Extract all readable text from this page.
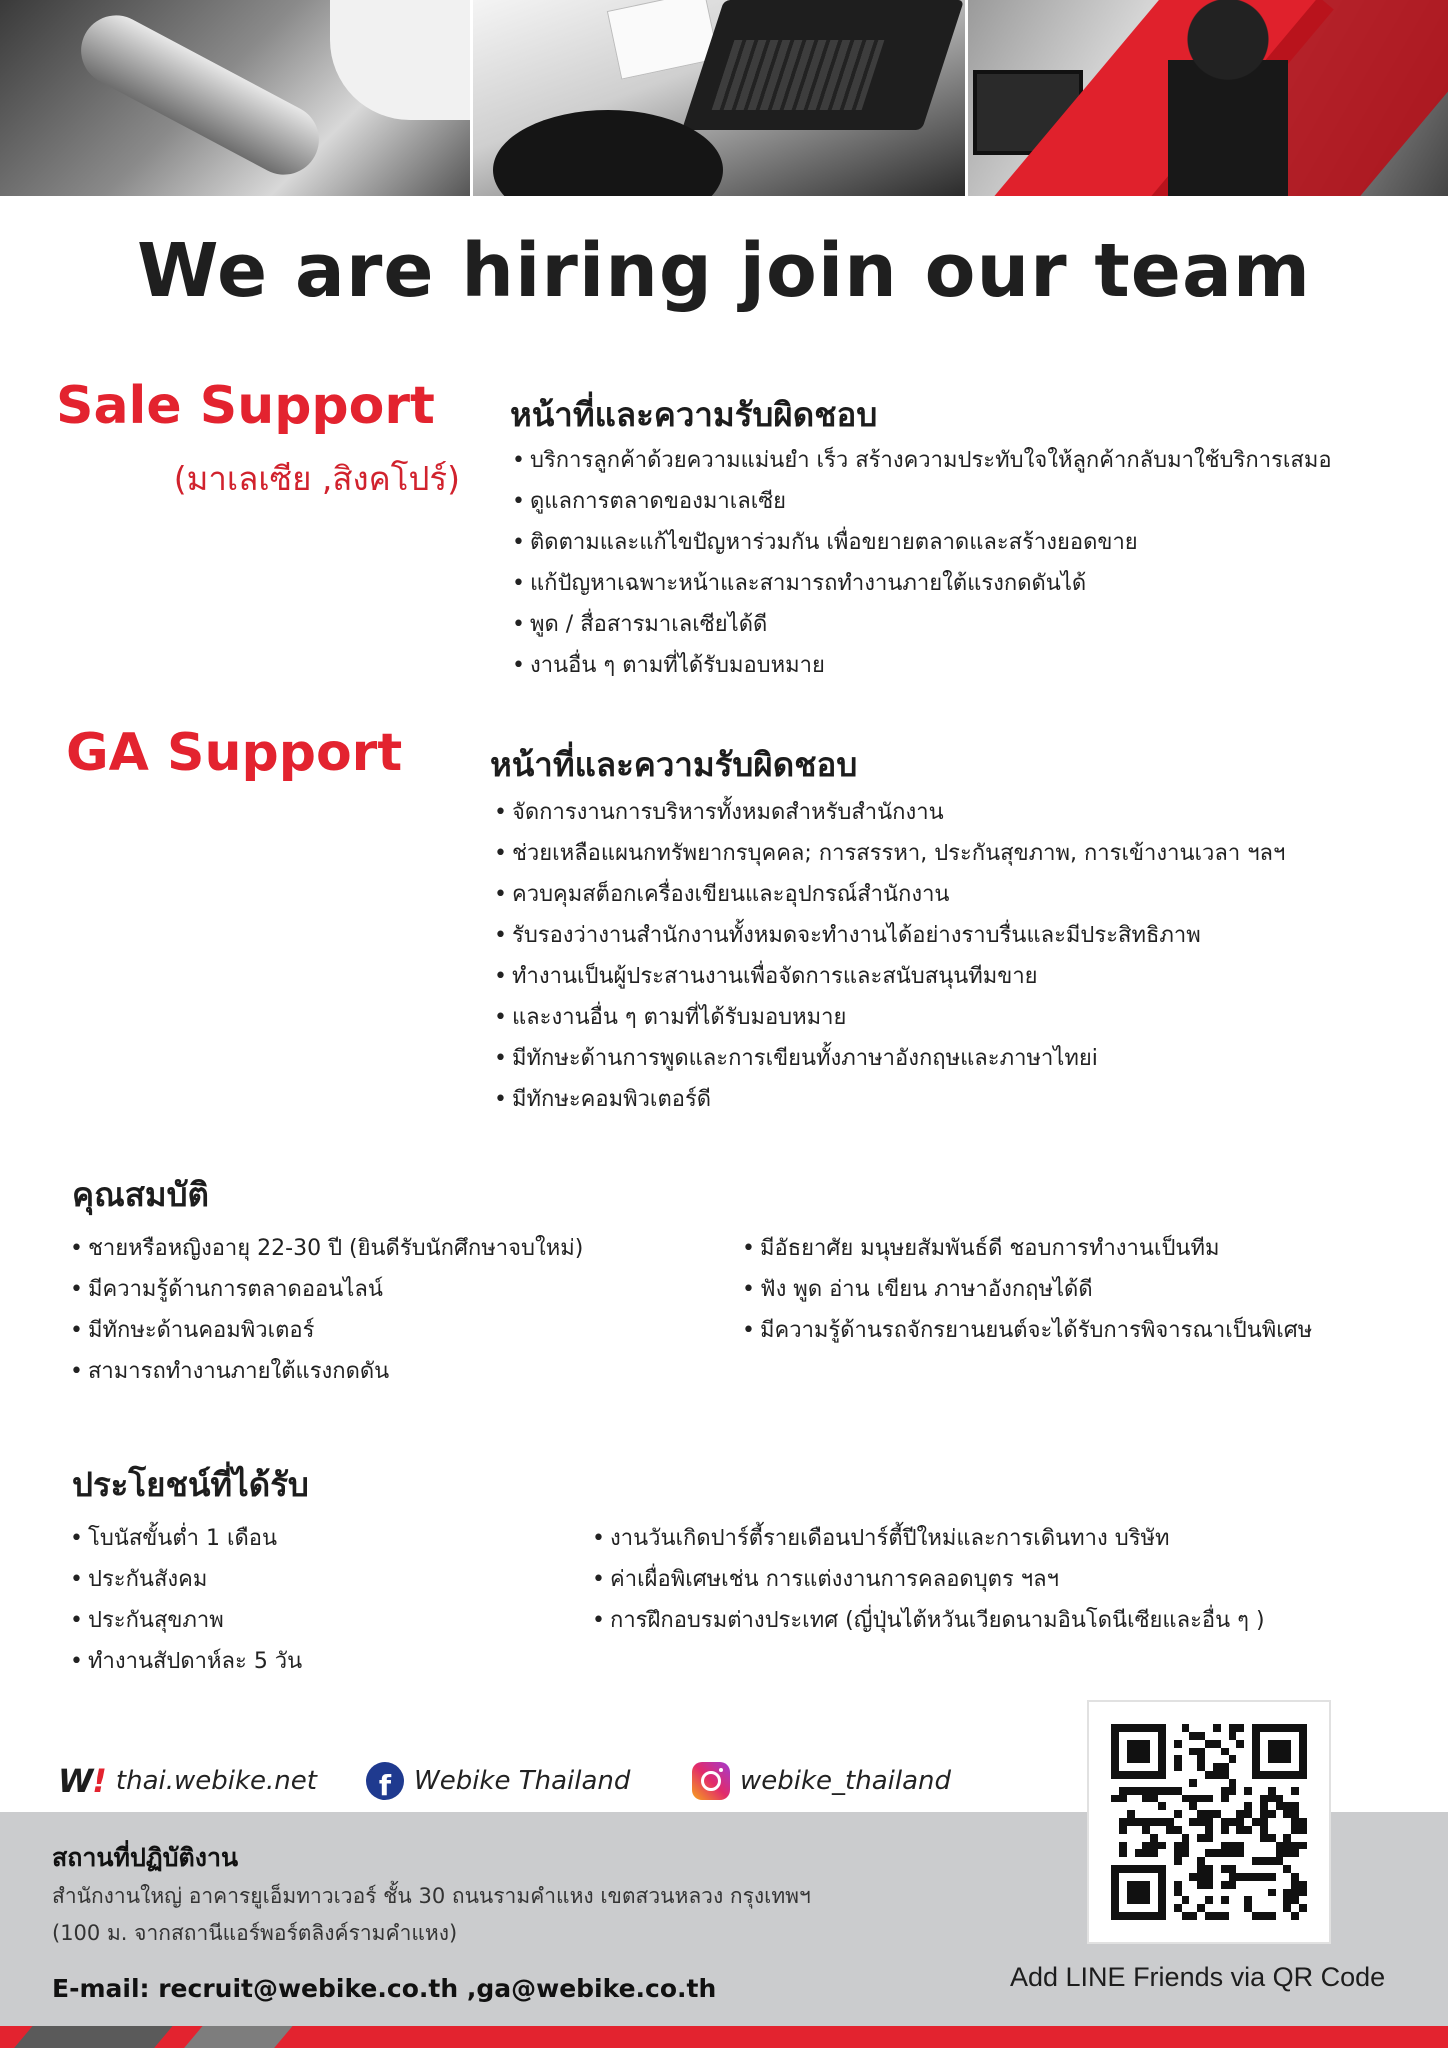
We are hiring join our team
Sale Support
(มาเลเซีย ,สิงคโปร์)
หน้าที่และความรับผิดชอบ
• บริการลูกค้าด้วยความแม่นยำ เร็ว สร้างความประทับใจให้ลูกค้ากลับมาใช้บริการเสมอ
• ดูแลการตลาดของมาเลเซีย
• ติดตามและแก้ไขปัญหาร่วมกัน เพื่อขยายตลาดและสร้างยอดขาย
• แก้ปัญหาเฉพาะหน้าและสามารถทำงานภายใต้แรงกดดันได้
• พูด / สื่อสารมาเลเซียได้ดี
• งานอื่น ๆ ตามที่ได้รับมอบหมาย
GA Support	หน้าที่และความรับผิดชอบ
• จัดการงานการบริหารทั้งหมดสำหรับสำนักงาน
• ช่วยเหลือแผนกทรัพยากรบุคคล; การสรรหา, ประกันสุขภาพ, การเข้างานเวลา ฯลฯ
• ควบคุมสต็อกเครื่องเขียนและอุปกรณ์สำนักงาน
• รับรองว่างานสำนักงานทั้งหมดจะทำงานได้อย่างราบรื่นและมีประสิทธิภาพ
• ทำงานเป็นผู้ประสานงานเพื่อจัดการและสนับสนุนทีมขาย
• และงานอื่น ๆ ตามที่ได้รับมอบหมาย
• มีทักษะด้านการพูดและการเขียนทั้งภาษาอังกฤษและภาษาไทยi
• มีทักษะคอมพิวเตอร์ดี
คุณสมบัติ
• ชายหรือหญิงอายุ 22-30 ปี (ยินดีรับนักศึกษาจบใหม่)
• มีความรู้ด้านการตลาดออนไลน์
• มีทักษะด้านคอมพิวเตอร์
• สามารถทำงานภายใต้แรงกดดัน
• มีอัธยาศัย มนุษยสัมพันธ์ดี ชอบการทำงานเป็นทีม
• ฟัง พูด อ่าน เขียน ภาษาอังกฤษได้ดี
• มีความรู้ด้านรถจักรยานยนต์จะได้รับการพิจารณาเป็นพิเศษ
ประโยชน์ที่ได้รับ
• โบนัสขั้นต่ำ 1 เดือน
• ประกันสังคม
• ประกันสุขภาพ
• ทำงานสัปดาห์ละ 5 วัน
• งานวันเกิดปาร์ตี้รายเดือนปาร์ตี้ปีใหม่และการเดินทาง บริษัท
• ค่าเผื่อพิเศษเช่น การแต่งงานการคลอดบุตร ฯลฯ
• การฝึกอบรมต่างประเทศ (ญี่ปุ่นไต้หวันเวียดนามอินโดนีเซียและอื่น ๆ )
W! thai.webike.net f Webike Thailand	webike_thailand
สถานที่ปฏิบัติงาน
สำนักงานใหญ่ อาคารยูเอ็มทาวเวอร์ ชั้น 30 ถนนรามคำแหง เขตสวนหลวง กรุงเทพฯ
(100 ม. จากสถานีแอร์พอร์ตลิงค์รามคำแหง)
E-mail: recruit@webike.co.th ,ga@webike.co.th	Add LINE Friends via QR Code
